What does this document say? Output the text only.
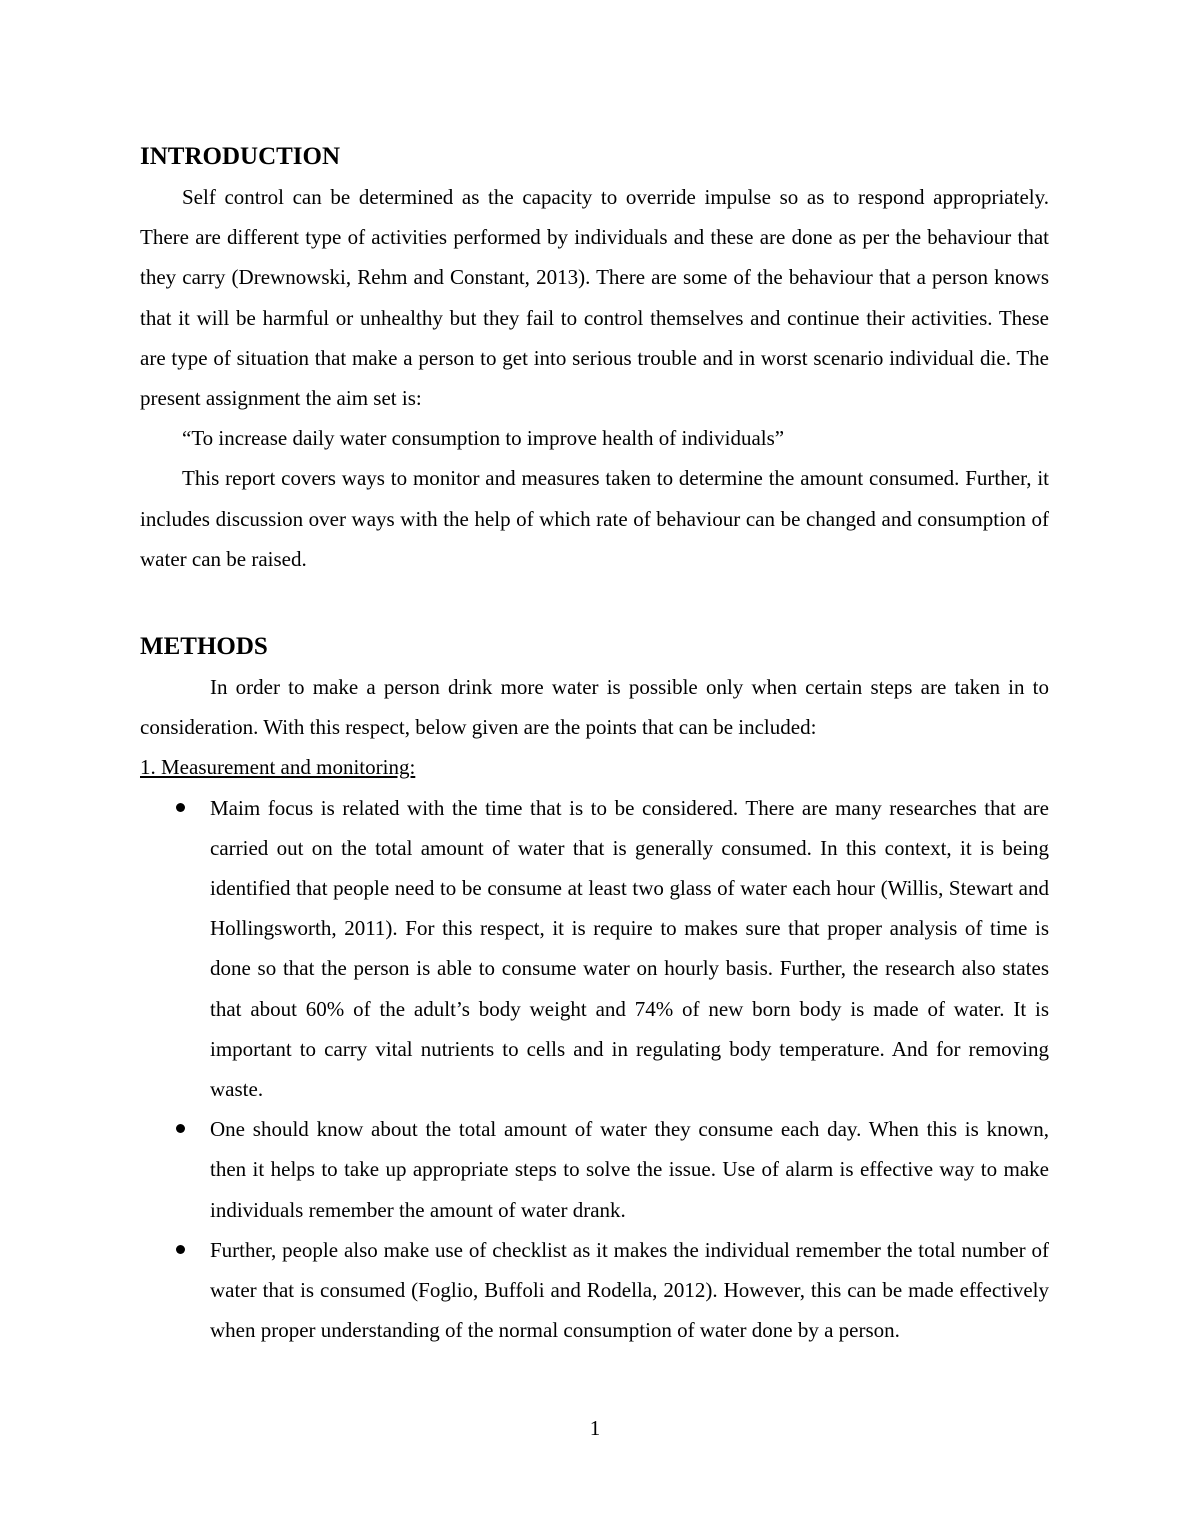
INTRODUCTION

Self control can be determined as the capacity to override impulse so as to respond appropriately. There are different type of activities performed by individuals and these are done as per the behaviour that they carry (Drewnowski, Rehm and Constant, 2013). There are some of the behaviour that a person knows that it will be harmful or unhealthy but they fail to control themselves and continue their activities. These are type of situation that make a person to get into serious trouble and in worst scenario individual die. The present assignment the aim set is:

“To increase daily water consumption to improve health of individuals”

This report covers ways to monitor and measures taken to determine the amount consumed. Further, it includes discussion over ways with the help of which rate of behaviour can be changed and consumption of water can be raised.

METHODS

In order to make a person drink more water is possible only when certain steps are taken in to consideration. With this respect, below given are the points that can be included:

1. Measurement and monitoring:
Maim focus is related with the time that is to be considered. There are many researches that are carried out on the total amount of water that is generally consumed. In this context, it is being identified that people need to be consume at least two glass of water each hour (Willis, Stewart and Hollingsworth, 2011). For this respect, it is require to makes sure that proper analysis of time is done so that the person is able to consume water on hourly basis. Further, the research also states that about 60% of the adult’s body weight and 74% of new born body is made of water. It is important to carry vital nutrients to cells and in regulating body temperature. And for removing waste.
One should know about the total amount of water they consume each day. When this is known, then it helps to take up appropriate steps to solve the issue. Use of alarm is effective way to make individuals remember the amount of water drank.
Further, people also make use of checklist as it makes the individual remember the total number of water that is consumed (Foglio, Buffoli and Rodella, 2012). However, this can be made effectively when proper understanding of the normal consumption of water done by a person.
1
